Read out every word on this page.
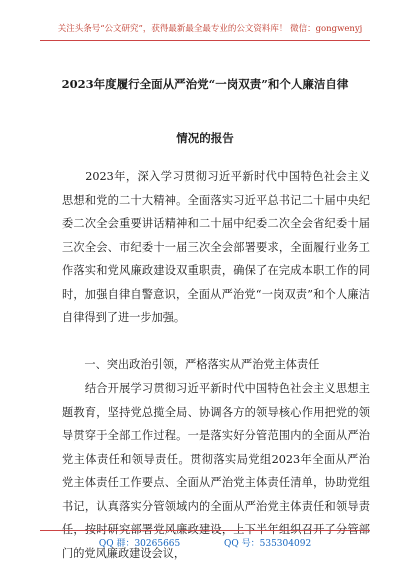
关注头条号“公文研究”，获得最新最全最专业的公文资料库！ 微信：gongwenyj
2023年度履行全面从严治党“一岗双责”和个人廉洁自律
情况的报告
　　2023年，深入学习贯彻习近平新时代中国特色社会主义思想和党的二十大精神。全面落实习近平总书记二十届中央纪委二次全会重要讲话精神和二十届中纪委二次全会省纪委十届三次全会、市纪委十一届三次全会部署要求，全面履行业务工作落实和党风廉政建设双重职责，确保了在完成本职工作的同时，加强自律自警意识，全面从严治党“一岗双责”和个人廉洁自律得到了进一步加强。
　　一、突出政治引领，严格落实从严治党主体责任
　　结合开展学习贯彻习近平新时代中国特色社会主义思想主题教育，坚持党总揽全局、协调各方的领导核心作用把党的领导贯穿于全部工作过程。一是落实好分管范围内的全面从严治党主体责任和领导责任。贯彻落实局党组2023年全面从严治党主体责任工作要点、全面从严治党主体责任清单，协助党组书记，认真落实分管领域内的全面从严治党主体责任和领导责任，按时研究部署党风廉政建设，上下半年组织召开了分管部门的党风廉政建设会议，
QQ 群：30265665	QQ 号：535304092
